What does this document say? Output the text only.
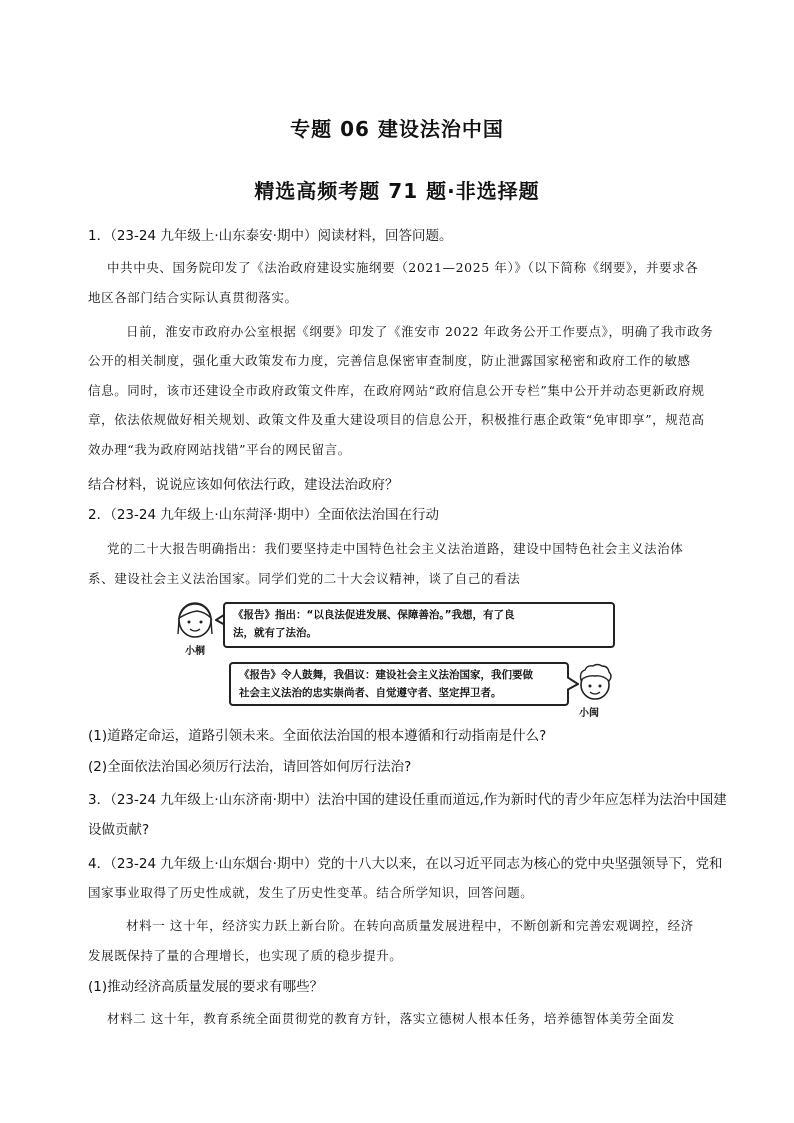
专题 06 建设法治中国
精选高频考题 71 题·非选择题
1．（23-24 九年级上·山东泰安·期中）阅读材料，回答问题。
中共中央、国务院印发了《法治政府建设实施纲要（2021—2025 年）》（以下简称《纲要》，并要求各
地区各部门结合实际认真贯彻落实。
日前，淮安市政府办公室根据《纲要》印发了《淮安市 2022 年政务公开工作要点》，明确了我市政务
公开的相关制度，强化重大政策发布力度，完善信息保密审查制度，防止泄露国家秘密和政府工作的敏感
信息。同时，该市还建设全市政府政策文件库，在政府网站“政府信息公开专栏”集中公开并动态更新政府规
章，依法依规做好相关规划、政策文件及重大建设项目的信息公开，积极推行惠企政策“免审即享”，规范高
效办理“我为政府网站找错”平台的网民留言。
结合材料，说说应该如何依法行政，建设法治政府？
2．（23-24 九年级上·山东菏泽·期中）全面依法治国在行动
党的二十大报告明确指出：我们要坚持走中国特色社会主义法治道路，建设中国特色社会主义法治体
系、建设社会主义法治国家。同学们党的二十大会议精神，谈了自己的看法
小桐
《报告》指出：“以良法促进发展、保障善治。”我想，有了良
法，就有了法治。
《报告》令人鼓舞，我倡议：建设社会主义法治国家，我们要做
社会主义法治的忠实崇尚者、自觉遵守者、坚定捍卫者。
小闽
(1)道路定命运，道路引领未来。全面依法治国的根本遵循和行动指南是什么?
(2)全面依法治国必须厉行法治，请回答如何厉行法治?
3．（23-24 九年级上·山东济南·期中）法治中国的建设任重而道远,作为新时代的青少年应怎样为法治中国建
设做贡献?
4．（23-24 九年级上·山东烟台·期中）党的十八大以来，在以习近平同志为核心的党中央坚强领导下，党和
国家事业取得了历史性成就，发生了历史性变革。结合所学知识，回答问题。
材料一 这十年，经济实力跃上新台阶。在转向高质量发展进程中，不断创新和完善宏观调控，经济
发展既保持了量的合理增长，也实现了质的稳步提升。
(1)推动经济高质量发展的要求有哪些？
材料二 这十年，教育系统全面贯彻党的教育方针，落实立德树人根本任务，培养德智体美劳全面发
